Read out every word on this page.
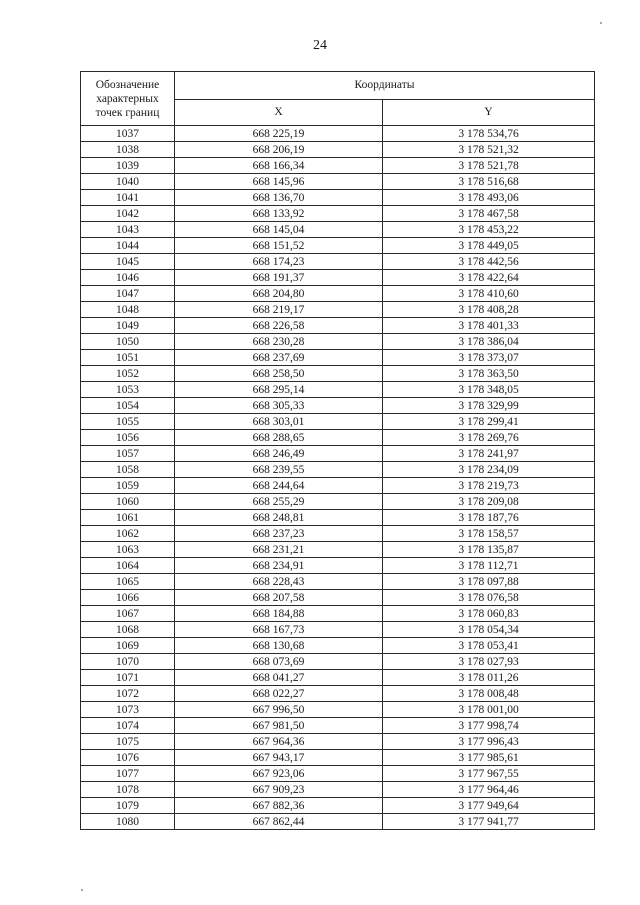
24
Обозначение
характерных
точек границ	Координаты	
	X	Y
1037	668 225,19	3 178 534,76
1038	668 206,19	3 178 521,32
1039	668 166,34	3 178 521,78
1040	668 145,96	3 178 516,68
1041	668 136,70	3 178 493,06
1042	668 133,92	3 178 467,58
1043	668 145,04	3 178 453,22
1044	668 151,52	3 178 449,05
1045	668 174,23	3 178 442,56
1046	668 191,37	3 178 422,64
1047	668 204,80	3 178 410,60
1048	668 219,17	3 178 408,28
1049	668 226,58	3 178 401,33
1050	668 230,28	3 178 386,04
1051	668 237,69	3 178 373,07
1052	668 258,50	3 178 363,50
1053	668 295,14	3 178 348,05
1054	668 305,33	3 178 329,99
1055	668 303,01	3 178 299,41
1056	668 288,65	3 178 269,76
1057	668 246,49	3 178 241,97
1058	668 239,55	3 178 234,09
1059	668 244,64	3 178 219,73
1060	668 255,29	3 178 209,08
1061	668 248,81	3 178 187,76
1062	668 237,23	3 178 158,57
1063	668 231,21	3 178 135,87
1064	668 234,91	3 178 112,71
1065	668 228,43	3 178 097,88
1066	668 207,58	3 178 076,58
1067	668 184,88	3 178 060,83
1068	668 167,73	3 178 054,34
1069	668 130,68	3 178 053,41
1070	668 073,69	3 178 027,93
1071	668 041,27	3 178 011,26
1072	668 022,27	3 178 008,48
1073	667 996,50	3 178 001,00
1074	667 981,50	3 177 998,74
1075	667 964,36	3 177 996,43
1076	667 943,17	3 177 985,61
1077	667 923,06	3 177 967,55
1078	667 909,23	3 177 964,46
1079	667 882,36	3 177 949,64
1080	667 862,44	3 177 941,77
